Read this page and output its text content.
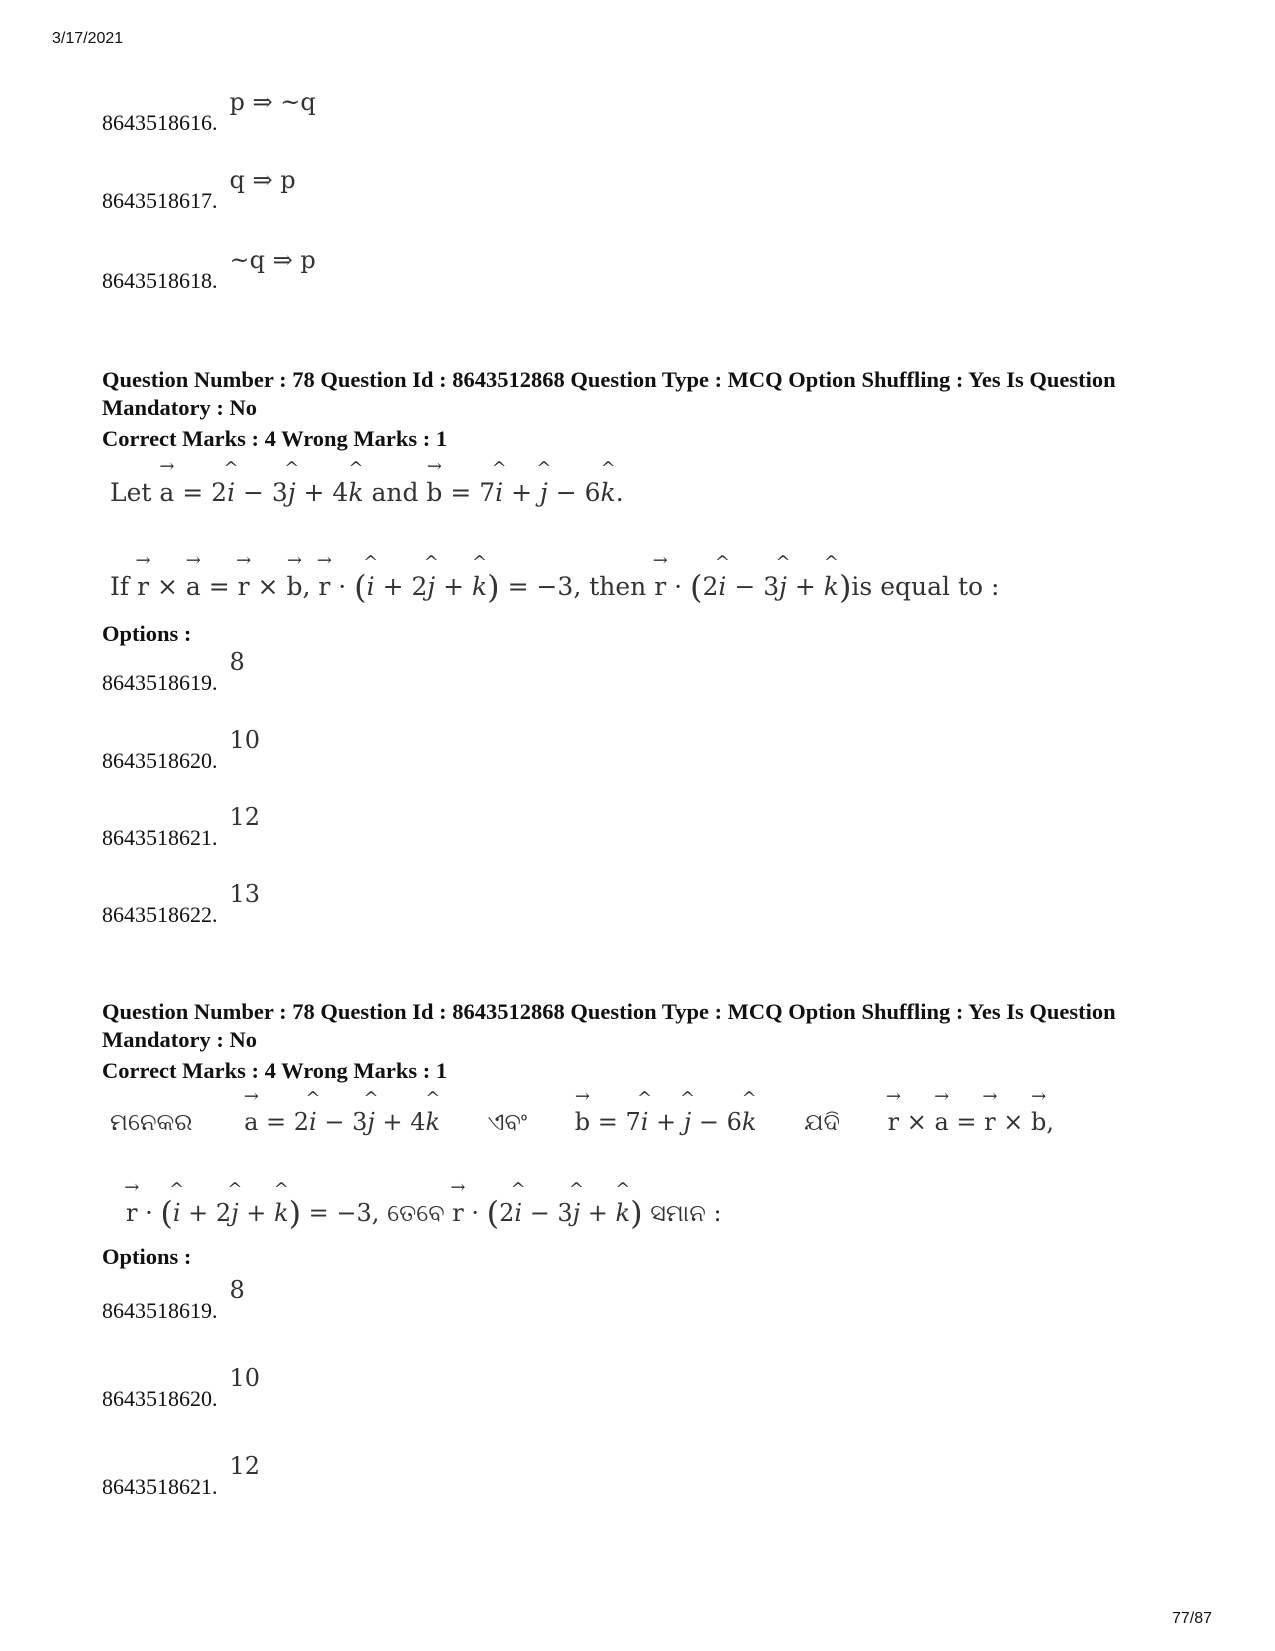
3/17/2021
8643518616.p ⇒ ~q
8643518617.q ⇒ p
8643518618.~q ⇒ p
Question Number : 78 Question Id : 8643512868 Question Type : MCQ Option Shuffling : Yes Is Question Mandatory : No
Correct Marks : 4 Wrong Marks : 1
Let → a = 2^ i − 3^ j + 4^ k and → b = 7^ i + ^ j − 6^ k.
If → r × → a = → r × → b, → r · (^ i + 2^ j + ^ k) = −3, then → r · (2^ i − 3^ j + ^ k)is equal to :
Options :
8643518619.8
8643518620.10
8643518621.12
8643518622.13
Question Number : 78 Question Id : 8643512868 Question Type : MCQ Option Shuffling : Yes Is Question Mandatory : No
Correct Marks : 4 Wrong Marks : 1
ମନେକର → a = 2^ i − 3^ j + 4^ k ଏବଂ → b = 7^ i + ^ j − 6^ k ଯଦି → r × → a = → r × → b,
→ r · (^ i + 2^ j + ^ k) = −3, ତେବେ → r · (2^ i − 3^ j + ^ k) ସମାନ :
Options :
8643518619.8
8643518620.10
8643518621.12
77/87
